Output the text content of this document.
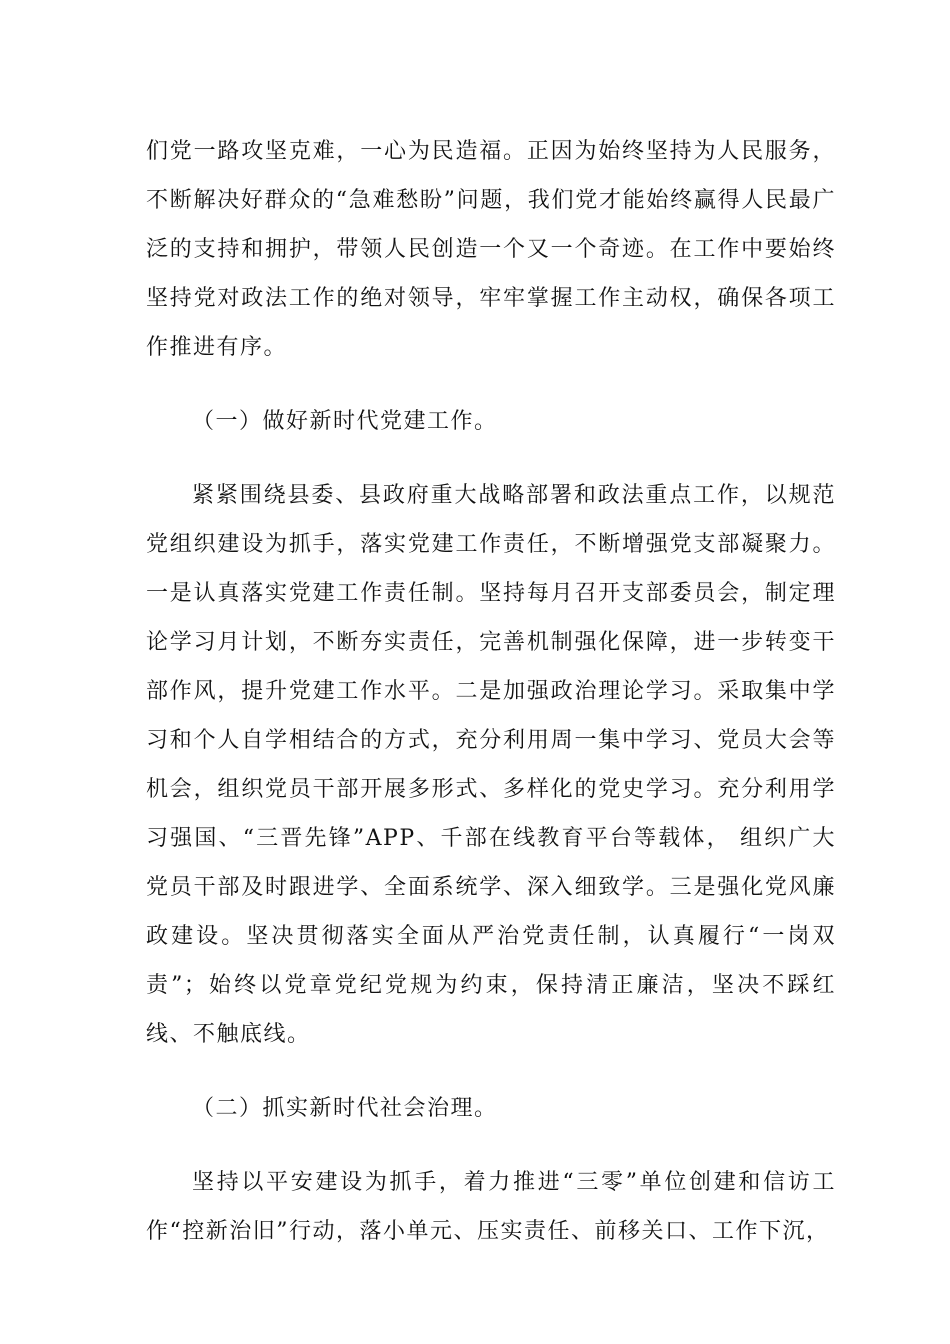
们党一路攻坚克难，一心为民造福。正因为始终坚持为人民服务，不断解决好群众的“急难愁盼”问题，我们党才能始终赢得人民最广泛的支持和拥护，带领人民创造一个又一个奇迹。在工作中要始终坚持党对政法工作的绝对领导，牢牢掌握工作主动权，确保各项工作推进有序。

（一）做好新时代党建工作。

紧紧围绕县委、县政府重大战略部署和政法重点工作，以规范党组织建设为抓手，落实党建工作责任，不断增强党支部凝聚力。一是认真落实党建工作责任制。坚持每月召开支部委员会，制定理论学习月计划，不断夯实责任，完善机制强化保障，进一步转变干部作风，提升党建工作水平。二是加强政治理论学习。采取集中学习和个人自学相结合的方式，充分利用周一集中学习、党员大会等机会，组织党员干部开展多形式、多样化的党史学习。充分利用学习强国、“三晋先锋”APP、千部在线教育平台等载体， 组织广大党员干部及时跟进学、全面系统学、深入细致学。三是强化党风廉政建设。坚决贯彻落实全面从严治党责任制，认真履行“一岗双责”；始终以党章党纪党规为约束，保持清正廉洁，坚决不踩红线、不触底线。

（二）抓实新时代社会治理。

坚持以平安建设为抓手，着力推进“三零”单位创建和信访工作“控新治旧”行动，落小单元、压实责任、前移关口、工作下沉，
